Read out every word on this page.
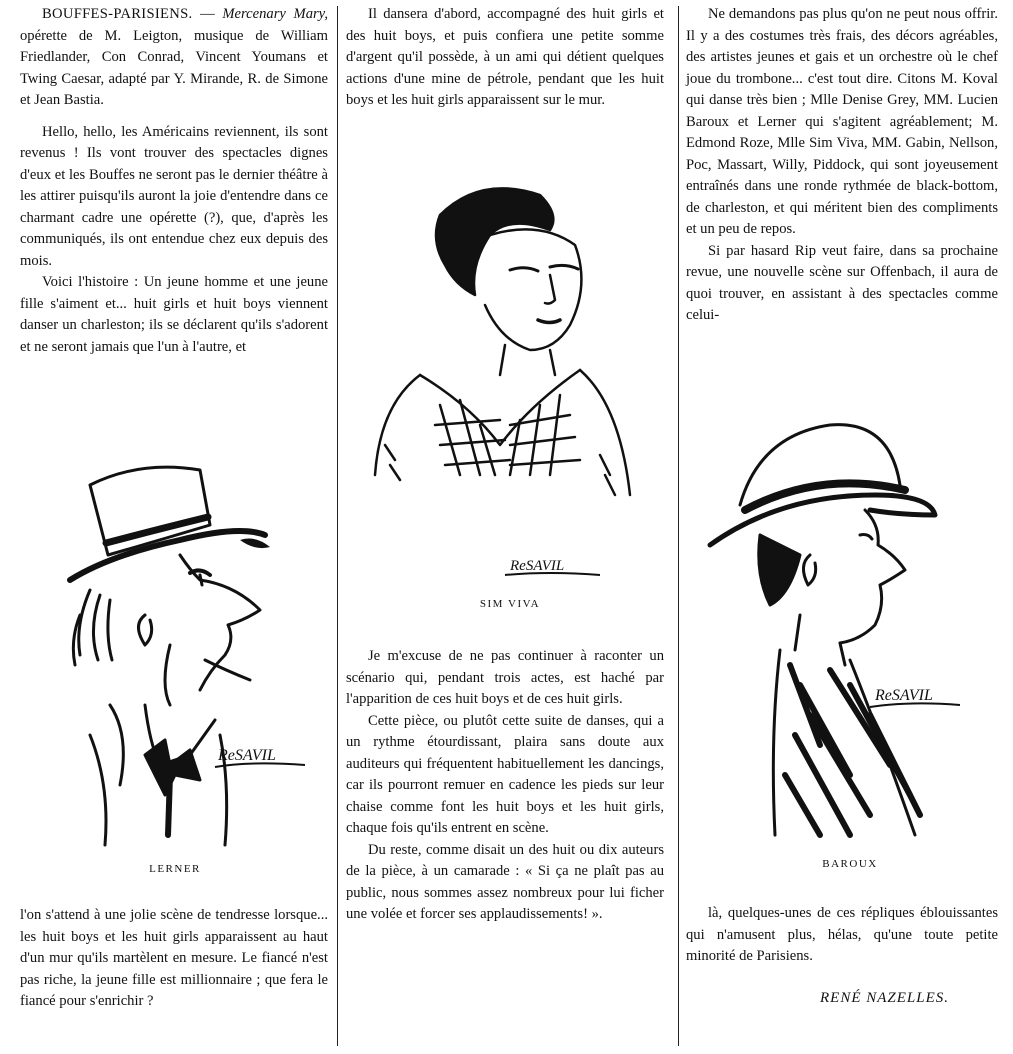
BOUFFES-PARISIENS. — Mercenary Mary, opérette de M. Leigton, musique de William Friedlander, Con Conrad, Vincent Youmans et Twing Caesar, adapté par Y. Mirande, R. de Simone et Jean Bastia.

Hello, hello, les Américains reviennent, ils sont revenus ! Ils vont trouver des spectacles dignes d'eux et les Bouffes ne seront pas le dernier théâtre à les attirer puisqu'ils auront la joie d'entendre dans ce charmant cadre une opérette (?), que, d'après les communiqués, ils ont entendue chez eux depuis des mois.

Voici l'histoire : Un jeune homme et une jeune fille s'aiment et... huit girls et huit boys viennent danser un charleston; ils se déclarent qu'ils s'adorent et ne seront jamais que l'un à l'autre, et

ReSAVIL
LERNER

l'on s'attend à une jolie scène de tendresse lorsque... les huit boys et les huit girls apparaissent au haut d'un mur qu'ils martèlent en mesure. Le fiancé n'est pas riche, la jeune fille est millionnaire ; que fera le fiancé pour s'enrichir ?

Il dansera d'abord, accompagné des huit girls et des huit boys, et puis confiera une petite somme d'argent qu'il possède, à un ami qui détient quelques actions d'une mine de pétrole, pendant que les huit boys et les huit girls apparaissent sur le mur.

ReSAVIL
SIM VIVA

Je m'excuse de ne pas continuer à raconter un scénario qui, pendant trois actes, est haché par l'apparition de ces huit boys et de ces huit girls.

Cette pièce, ou plutôt cette suite de danses, qui a un rythme étourdissant, plaira sans doute aux auditeurs qui fréquentent habituellement les dancings, car ils pourront remuer en cadence les pieds sur leur chaise comme font les huit boys et les huit girls, chaque fois qu'ils entrent en scène.

Du reste, comme disait un des huit ou dix auteurs de la pièce, à un camarade : « Si ça ne plaît pas au public, nous sommes assez nombreux pour lui ficher une volée et forcer ses applaudissements! ».

Ne demandons pas plus qu'on ne peut nous offrir. Il y a des costumes très frais, des décors agréables, des artistes jeunes et gais et un orchestre où le chef joue du trombone... c'est tout dire. Citons M. Koval qui danse très bien ; Mlle Denise Grey, MM. Lucien Baroux et Lerner qui s'agitent agréablement; M. Edmond Roze, Mlle Sim Viva, MM. Gabin, Nellson, Poc, Massart, Willy, Piddock, qui sont joyeusement entraînés dans une ronde rythmée de black-bottom, de charleston, et qui méritent bien des compliments et un peu de repos.

Si par hasard Rip veut faire, dans sa prochaine revue, une nouvelle scène sur Offenbach, il aura de quoi trouver, en assistant à des spectacles comme celui-

ReSAVIL
BAROUX

là, quelques-unes de ces répliques éblouissantes qui n'amusent plus, hélas, qu'une toute petite minorité de Parisiens.

RENÉ NAZELLES.
